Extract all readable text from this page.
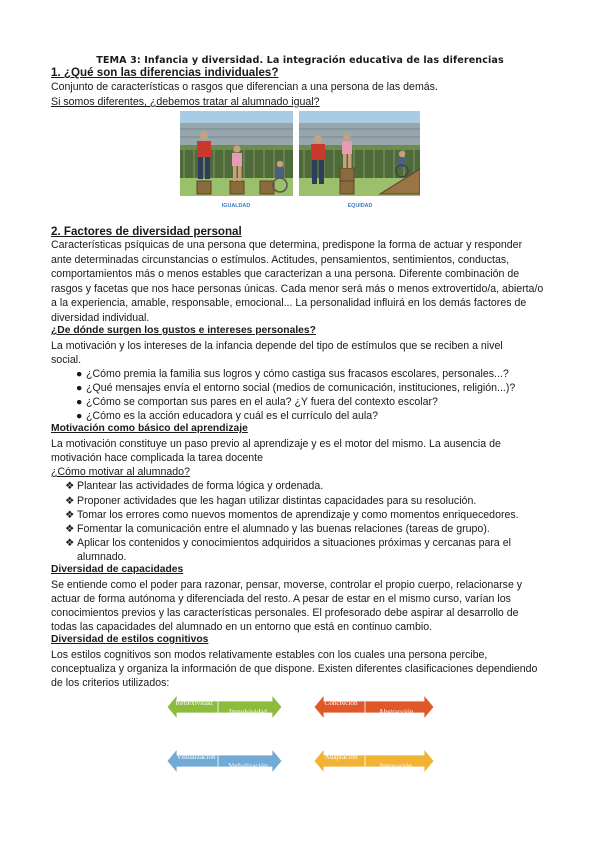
TEMA 3: Infancia y diversidad. La integración educativa de las diferencias
1. ¿Qué son las diferencias individuales?
Conjunto de características o rasgos que diferencian a una persona de las demás.
Si somos diferentes, ¿debemos tratar al alumnado igual?
IGUALDAD	EQUIDAD
2. Factores de diversidad personal
Características psíquicas de una persona que determina, predispone la forma de actuar y responder
ante determinadas circunstancias o estímulos. Actitudes, pensamientos, sentimientos, conductas,
comportamientos más o menos estables que caracterizan a una persona. Diferente combinación de
rasgos y facetas que nos hace personas únicas. Cada menor será más o menos extrovertido/a, abierta/o
a la experiencia, amable, responsable, emocional... La personalidad influirá en los demás factores de
diversidad individual.
¿De dónde surgen los gustos e intereses personales?
La motivación y los intereses de la infancia depende del tipo de estímulos que se reciben a nivel
social.
● ¿Cómo premia la familia sus logros y cómo castiga sus fracasos escolares, personales...?
● ¿Qué mensajes envía el entorno social (medios de comunicación, instituciones, religión...)?
● ¿Cómo se comportan sus pares en el aula? ¿Y fuera del contexto escolar?
● ¿Cómo es la acción educadora y cuál es el currículo del aula?
Motivación como básico del aprendizaje
La motivación constituye un paso previo al aprendizaje y es el motor del mismo. La ausencia de
motivación hace complicada la tarea docente
¿Cómo motivar al alumnado?
❖ Plantear las actividades de forma lógica y ordenada.
❖ Proponer actividades que les hagan utilizar distintas capacidades para su resolución.
❖ Tomar los errores como nuevos momentos de aprendizaje y como momentos enriquecedores.
❖ Fomentar la comunicación entre el alumnado y las buenas relaciones (tareas de grupo).
❖ Aplicar los contenidos y conocimientos adquiridos a situaciones próximas y cercanas para el
alumnado.
Diversidad de capacidades
Se entiende como el poder para razonar, pensar, moverse, controlar el propio cuerpo, relacionarse y
actuar de forma autónoma y diferenciada del resto. A pesar de estar en el mismo curso, varían los
conocimientos previos y las características personales. El profesorado debe aspirar al desarrollo de
todas las capacidades del alumnado en un entorno que está en continuo cambio.
Diversidad de estilos cognitivos
Los estilos cognitivos son modos relativamente estables con los cuales una persona percibe,
conceptualiza y organiza la información de que dispone. Existen diferentes clasificaciones dependiendo
de los criterios utilizados:
Reflexividad
Impulsividad
Concreción
Abstracción
Visualización
Verbalización
Adaptación
Innovación
